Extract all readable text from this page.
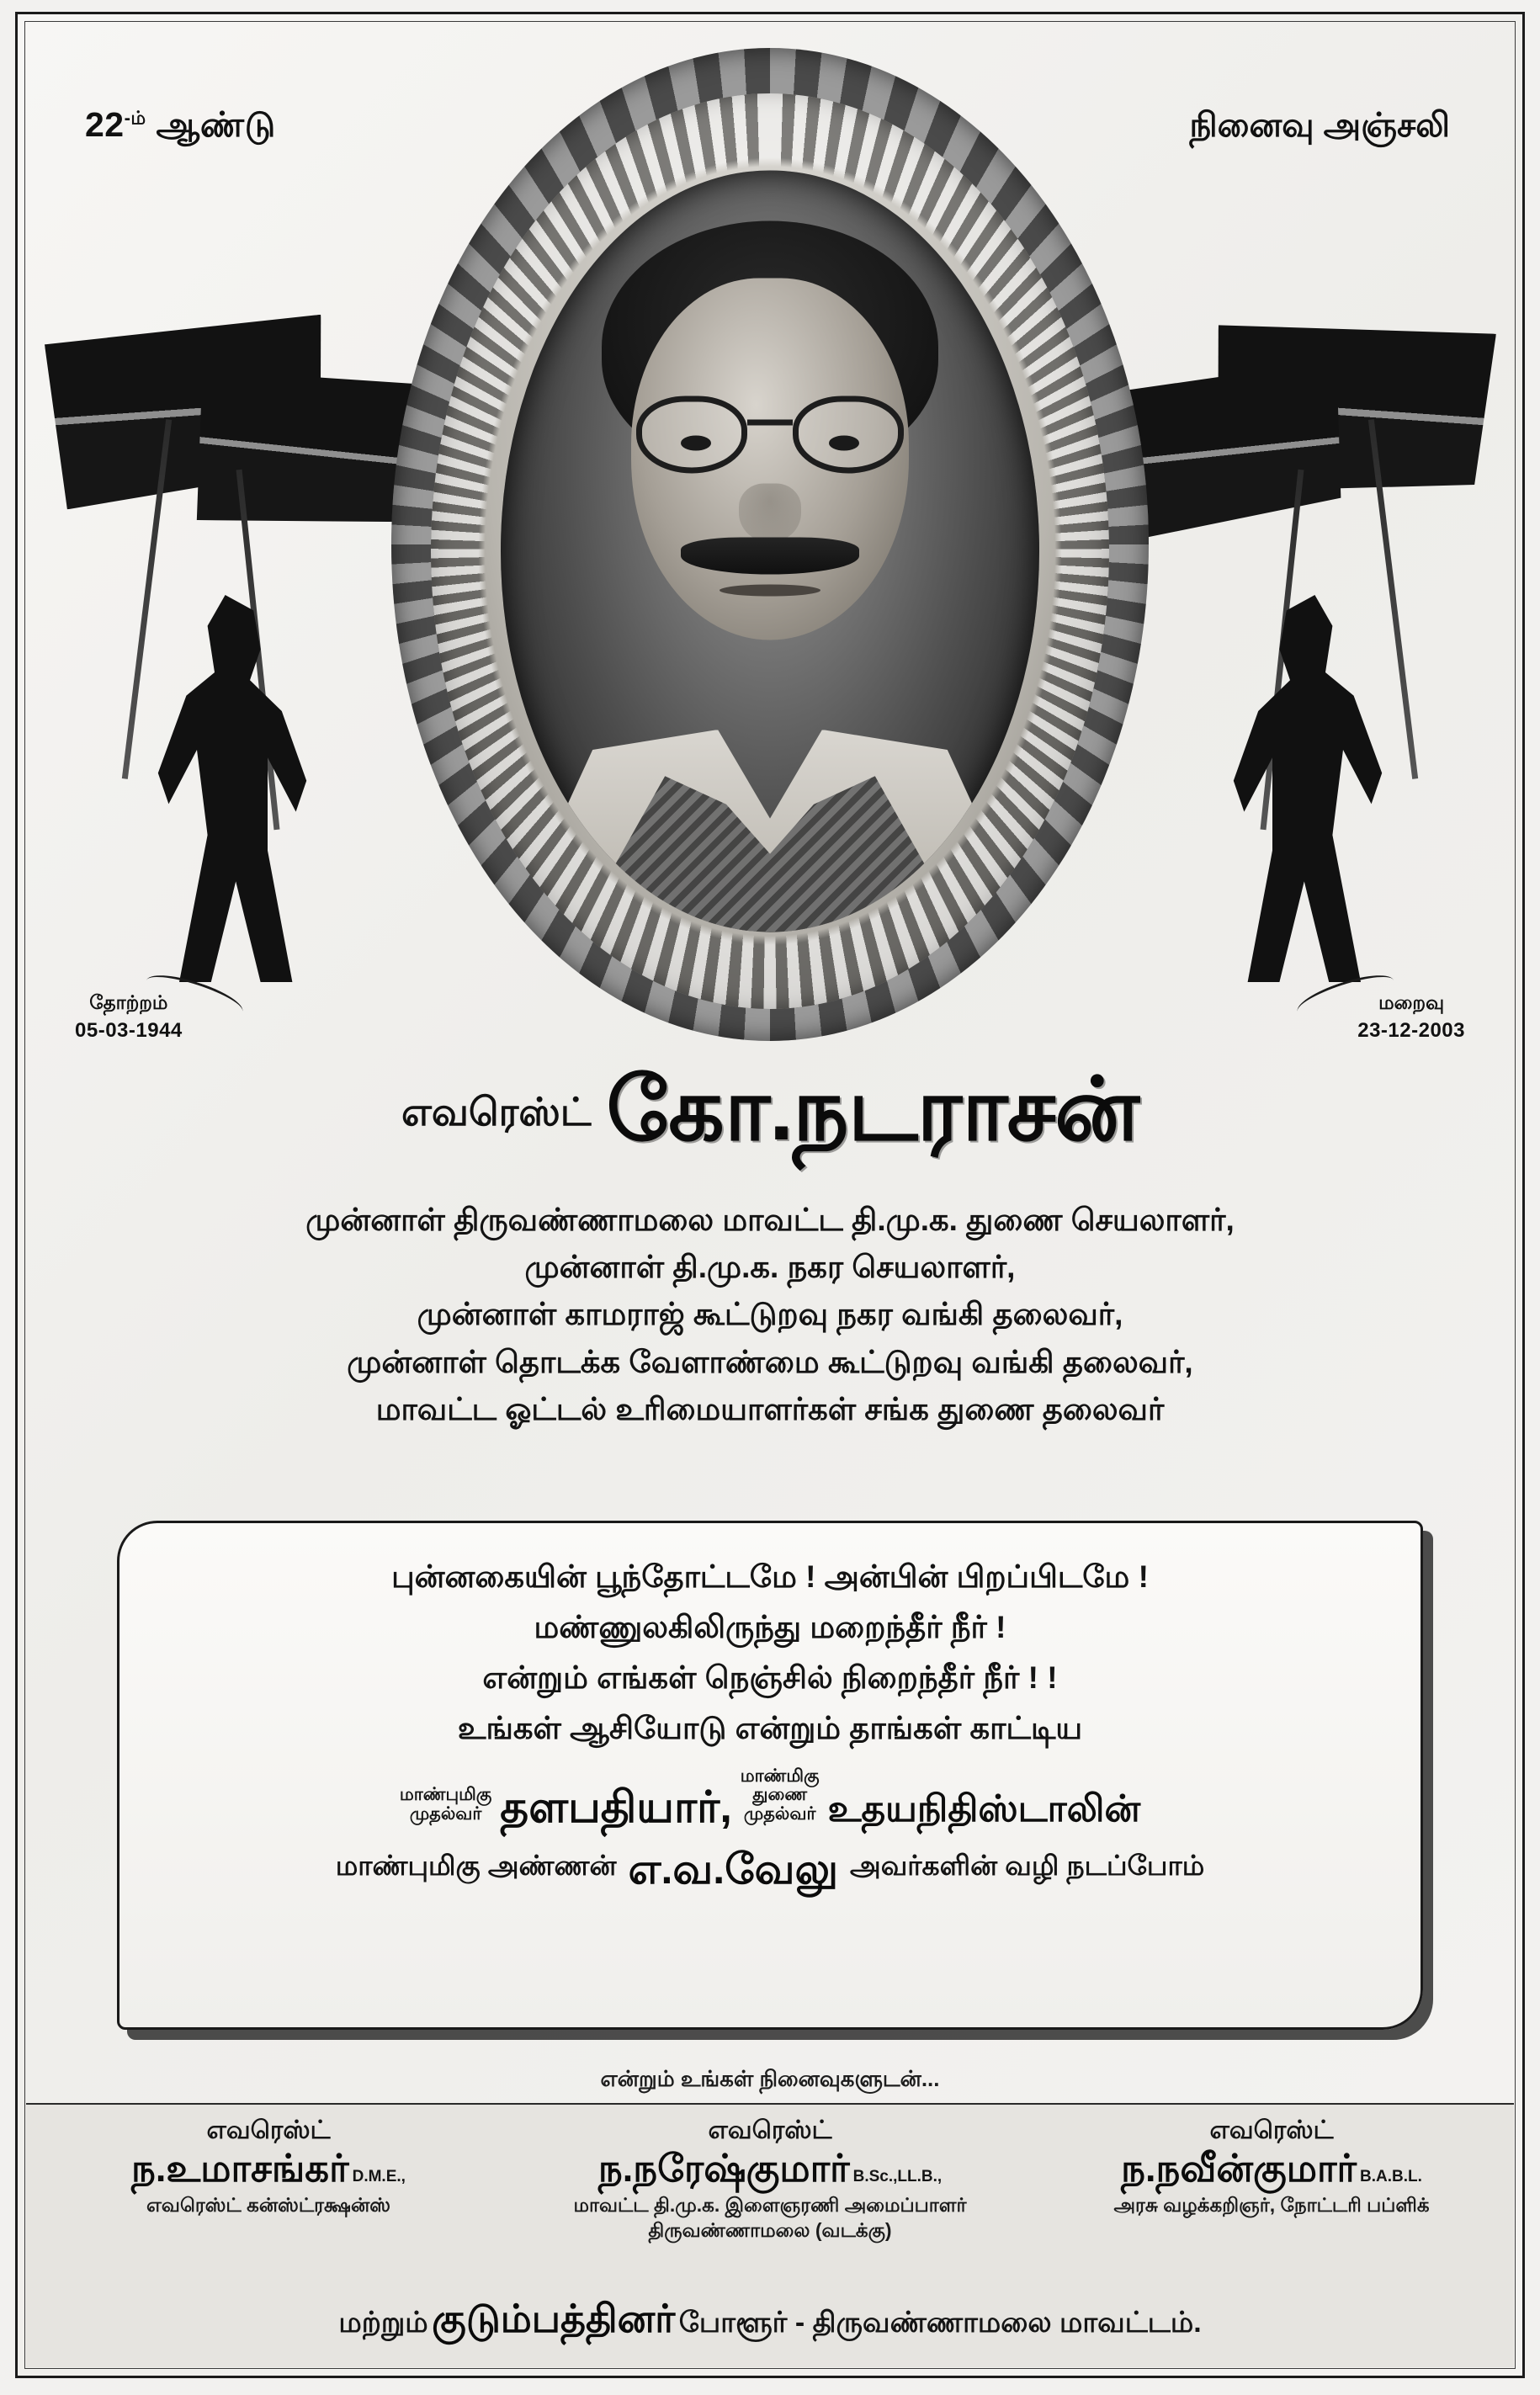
$22^{-ம்}$ ஆண்டு	நினைவு அஞ்சலி
தோற்றம்
05-03-1944
மறைவு
23-12-2003
எவரெஸ்ட் கோ.நடராசன்
முன்னாள் திருவண்ணாமலை மாவட்ட தி.மு.க. துணை செயலாளர்,
முன்னாள் தி.மு.க. நகர செயலாளர்,
முன்னாள் காமராஜ் கூட்டுறவு நகர வங்கி தலைவர்,
முன்னாள் தொடக்க வேளாண்மை கூட்டுறவு வங்கி தலைவர்,
மாவட்ட ஓட்டல் உரிமையாளர்கள் சங்க துணை தலைவர்
புன்னகையின் பூந்தோட்டமே ! அன்பின் பிறப்பிடமே !
மண்ணுலகிலிருந்து மறைந்தீர் நீர் !
என்றும் எங்கள் நெஞ்சில் நிறைந்தீர் நீர் ! !
உங்கள் ஆசியோடு என்றும் தாங்கள் காட்டிய
மாண்புமிகு
முதல்வர் தளபதியார்,
மாண்மிகு
துணை
முதல்வர் உதயநிதிஸ்டாலின்
மாண்புமிகு அண்ணன் எ.வ.வேலு அவர்களின் வழி நடப்போம்
என்றும் உங்கள் நினைவுகளுடன்...
எவரெஸ்ட்
ந.உமாசங்கர் D.M.E.,
எவரெஸ்ட் கன்ஸ்ட்ரக்ஷன்ஸ்
எவரெஸ்ட்
ந.நரேஷ்குமார் B.Sc.,LL.B.,
மாவட்ட தி.மு.க. இளைஞரணி அமைப்பாளர் திருவண்ணாமலை (வடக்கு)
எவரெஸ்ட்
ந.நவீன்குமார் B.A.B.L.
அரசு வழக்கறிஞர், நோட்டரி பப்ளிக்
மற்றும் குடும்பத்தினர் போளூர் - திருவண்ணாமலை மாவட்டம்.
